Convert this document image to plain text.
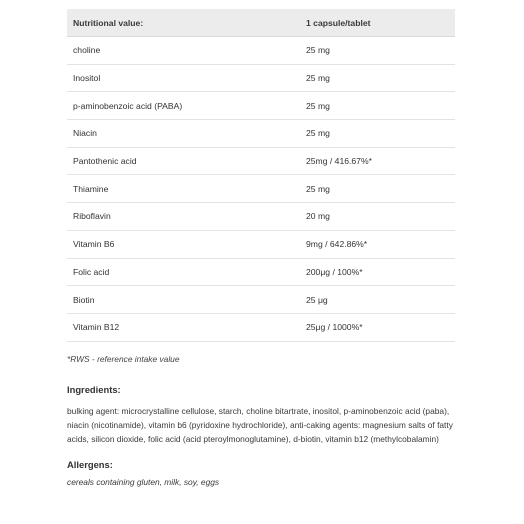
Nutritional value:	1 capsule/tablet
choline	25 mg
Inositol	25 mg
p-aminobenzoic acid (PABA)	25 mg
Niacin	25 mg
Pantothenic acid	25mg / 416.67%*
Thiamine	25 mg
Riboflavin	20 mg
Vitamin B6	9mg / 642.86%*
Folic acid	200μg / 100%*
Biotin	25 μg
Vitamin B12	25μg / 1000%*
*RWS - reference intake value
Ingredients:
bulking agent: microcrystalline cellulose, starch, choline bitartrate, inositol, p-aminobenzoic acid (paba), niacin (nicotinamide), vitamin b6 (pyridoxine hydrochloride), anti-caking agents: magnesium salts of fatty acids, silicon dioxide, folic acid (acid pteroylmonoglutamine), d-biotin, vitamin b12 (methylcobalamin)
Allergens:
cereals containing gluten, milk, soy, eggs
